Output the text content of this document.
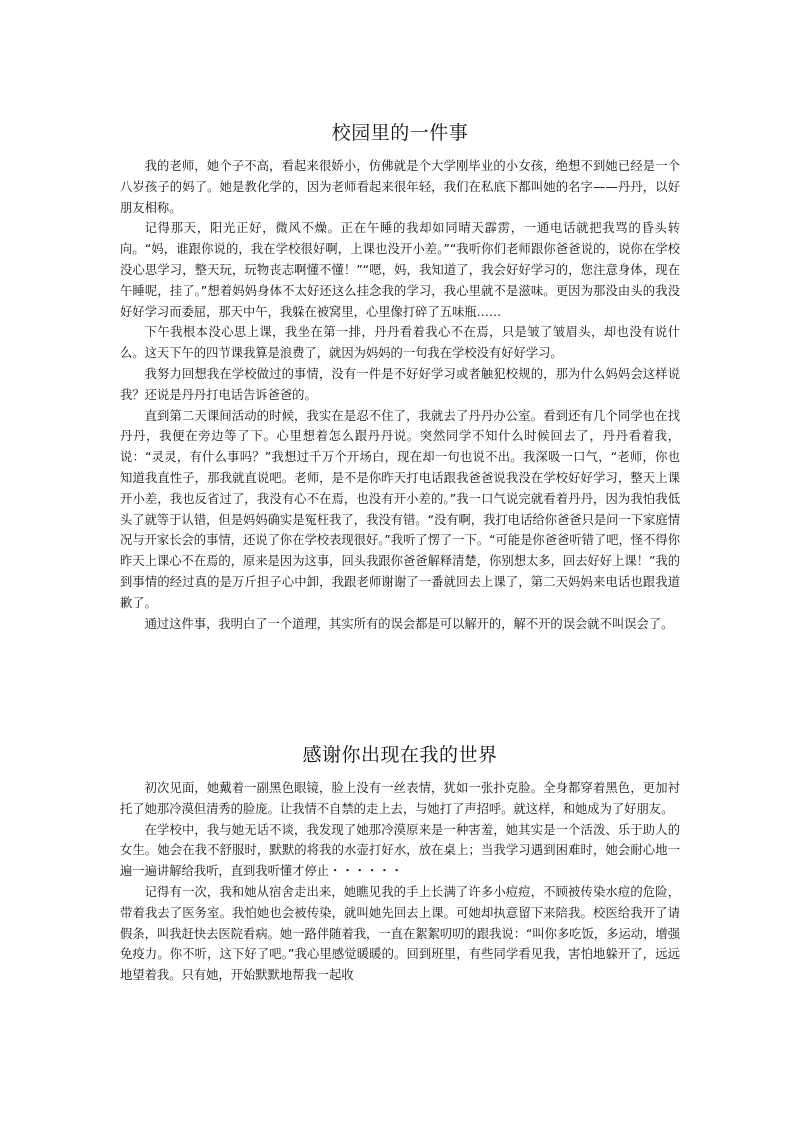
校园里的一件事

我的老师，她个子不高，看起来很娇小，仿佛就是个大学刚毕业的小女孩，绝想不到她已经是一个八岁孩子的妈了。她是教化学的，因为老师看起来很年轻，我们在私底下都叫她的名字——丹丹，以好朋友相称。

记得那天，阳光正好，微风不燥。正在午睡的我却如同晴天霹雳，一通电话就把我骂的昏头转向。“妈，谁跟你说的，我在学校很好啊，上课也没开小差。”“我听你们老师跟你爸爸说的，说你在学校没心思学习，整天玩，玩物丧志啊懂不懂！”“嗯，妈，我知道了，我会好好学习的，您注意身体，现在午睡呢，挂了。”想着妈妈身体不太好还这么挂念我的学习，我心里就不是滋味。更因为那没由头的我没好好学习而委屈，那天中午，我躲在被窝里，心里像打碎了五味瓶……

下午我根本没心思上课，我坐在第一排，丹丹看着我心不在焉，只是皱了皱眉头，却也没有说什么。这天下午的四节课我算是浪费了，就因为妈妈的一句我在学校没有好好学习。

我努力回想我在学校做过的事情，没有一件是不好好学习或者触犯校规的，那为什么妈妈会这样说我？还说是丹丹打电话告诉爸爸的。

直到第二天课间活动的时候，我实在是忍不住了，我就去了丹丹办公室。看到还有几个同学也在找丹丹，我便在旁边等了下。心里想着怎么跟丹丹说。突然同学不知什么时候回去了，丹丹看着我，说：“灵灵，有什么事吗？”我想过千万个开场白，现在却一句也说不出。我深吸一口气，“老师，你也知道我直性子，那我就直说吧。老师，是不是你昨天打电话跟我爸爸说我没在学校好好学习，整天上课开小差，我也反省过了，我没有心不在焉，也没有开小差的。”我一口气说完就看着丹丹，因为我怕我低头了就等于认错，但是妈妈确实是冤枉我了，我没有错。“没有啊，我打电话给你爸爸只是问一下家庭情况与开家长会的事情，还说了你在学校表现很好。”我听了愣了一下。“可能是你爸爸听错了吧，怪不得你昨天上课心不在焉的，原来是因为这事，回头我跟你爸爸解释清楚，你别想太多，回去好好上课！”我的到事情的经过真的是万斤担子心中卸，我跟老师谢谢了一番就回去上课了，第二天妈妈来电话也跟我道歉了。

通过这件事，我明白了一个道理，其实所有的误会都是可以解开的，解不开的误会就不叫误会了。

感谢你出现在我的世界

初次见面，她戴着一副黑色眼镜，脸上没有一丝表情，犹如一张扑克脸。全身都穿着黑色，更加衬托了她那冷漠但清秀的脸庞。让我情不自禁的走上去，与她打了声招呼。就这样，和她成为了好朋友。

在学校中，我与她无话不谈，我发现了她那冷漠原来是一种害羞，她其实是一个活泼、乐于助人的女生。她会在我不舒服时，默默的将我的水壶打好水，放在桌上；当我学习遇到困难时，她会耐心地一遍一遍讲解给我听，直到我听懂才停止・・・・・・

记得有一次，我和她从宿舍走出来，她瞧见我的手上长满了许多小痘痘，不顾被传染水痘的危险，带着我去了医务室。我怕她也会被传染，就叫她先回去上课。可她却执意留下来陪我。校医给我开了请假条，叫我赶快去医院看病。她一路伴随着我，一直在絮絮叨叨的跟我说：“叫你多吃饭，多运动，增强免疫力。你不听，这下好了吧。”我心里感觉暖暖的。回到班里，有些同学看见我，害怕地躲开了，远远地望着我。只有她，开始默默地帮我一起收
